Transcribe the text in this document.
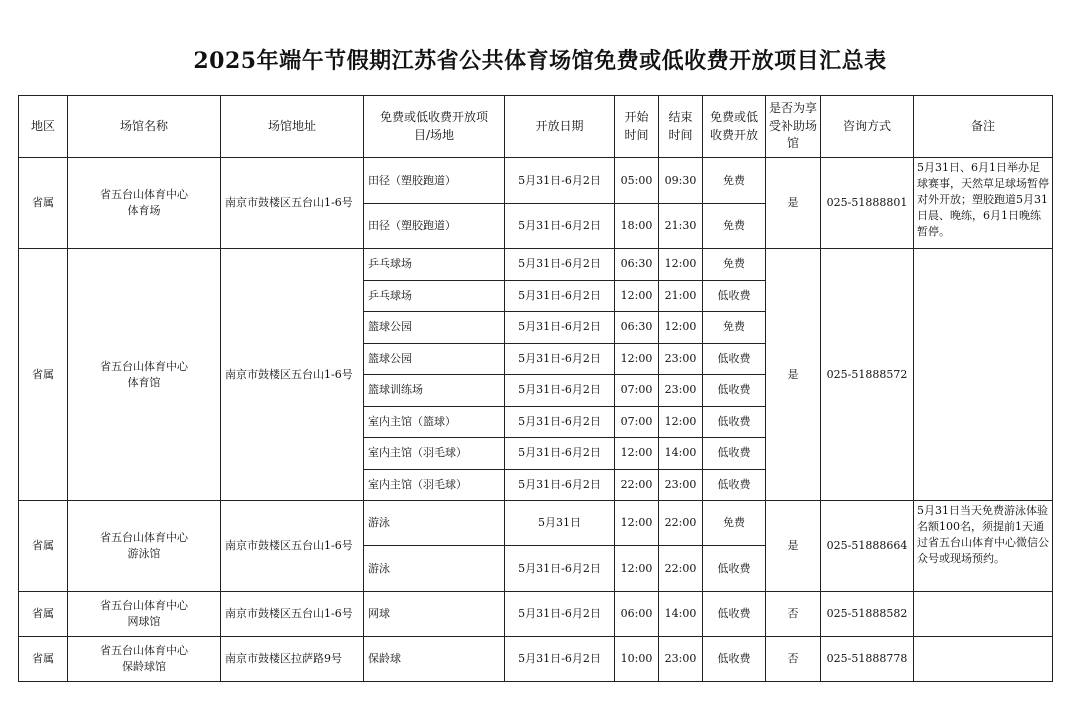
2025年端午节假期江苏省公共体育场馆免费或低收费开放项目汇总表
地区	场馆名称	场馆地址	免费或低收费开放项目/场地	开放日期	开始时间	结束时间	免费或低收费开放	是否为享受补助场馆	咨询方式	备注
省属	省五台山体育中心体育场	南京市鼓楼区五台山1-6号	田径（塑胶跑道）	5月31日-6月2日	05:00	09:30	免费	是	025-51888801	5月31日、6月1日举办足球赛事，天然草足球场暂停对外开放；塑胶跑道5月31日晨、晚练，6月1日晚练暂停。
			田径（塑胶跑道）	5月31日-6月2日	18:00	21:30	免费			
省属	省五台山体育中心体育馆	南京市鼓楼区五台山1-6号	乒乓球场	5月31日-6月2日	06:30	12:00	免费	是	025-51888572	
			乒乓球场	5月31日-6月2日	12:00	21:00	低收费			
			篮球公园	5月31日-6月2日	06:30	12:00	免费			
			篮球公园	5月31日-6月2日	12:00	23:00	低收费			
			篮球训练场	5月31日-6月2日	07:00	23:00	低收费			
			室内主馆（篮球）	5月31日-6月2日	07:00	12:00	低收费			
			室内主馆（羽毛球）	5月31日-6月2日	12:00	14:00	低收费			
			室内主馆（羽毛球）	5月31日-6月2日	22:00	23:00	低收费			
省属	省五台山体育中心游泳馆	南京市鼓楼区五台山1-6号	游泳	5月31日	12:00	22:00	免费	是	025-51888664	5月31日当天免费游泳体验名额100名，须提前1天通过省五台山体育中心微信公众号或现场预约。
			游泳	5月31日-6月2日	12:00	22:00	低收费			
省属	省五台山体育中心网球馆	南京市鼓楼区五台山1-6号	网球	5月31日-6月2日	06:00	14:00	低收费	否	025-51888582	
省属	省五台山体育中心保龄球馆	南京市鼓楼区拉萨路9号	保龄球	5月31日-6月2日	10:00	23:00	低收费	否	025-51888778	
